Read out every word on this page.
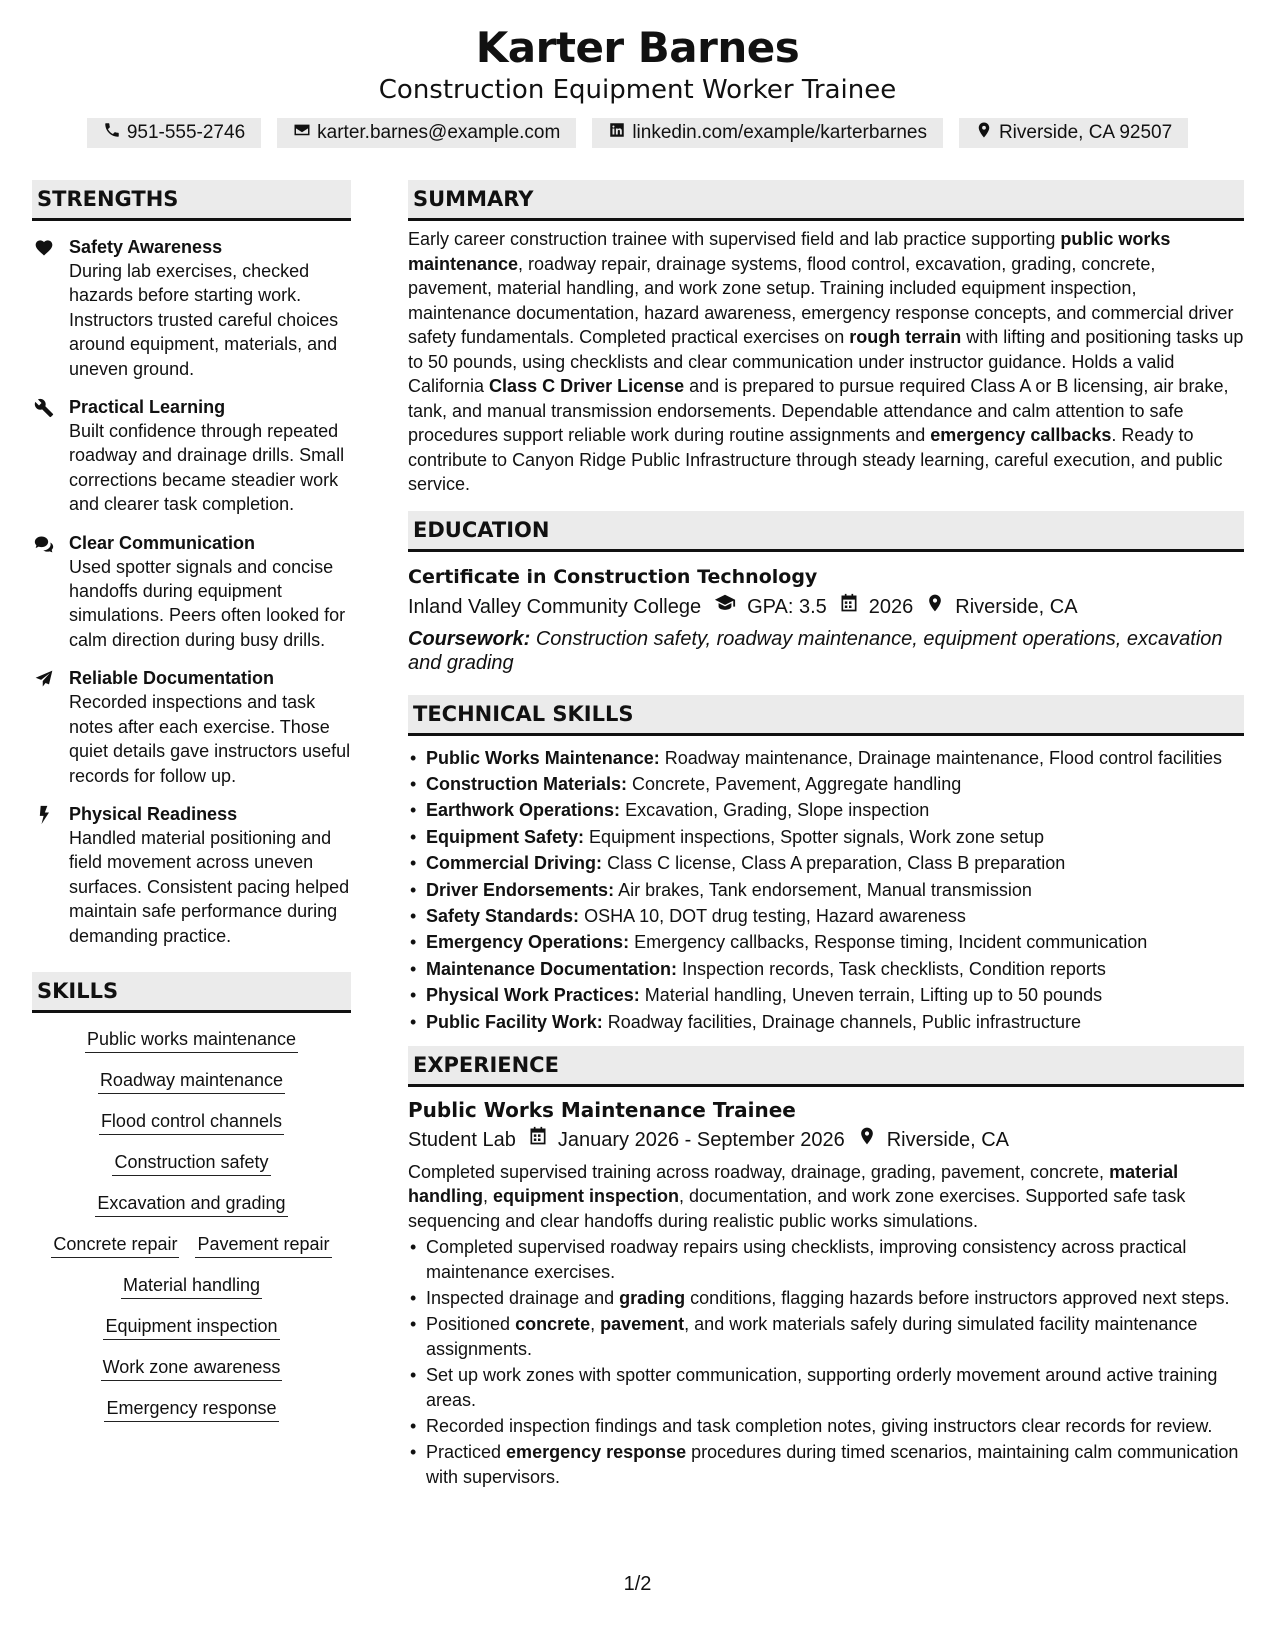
Karter Barnes
Construction Equipment Worker Trainee
951-555-2746	karter.barnes@example.com	linkedin.com/example/karterbarnes	Riverside, CA 92507
STRENGTHS
Safety Awareness
During lab exercises, checked hazards before starting work. Instructors trusted careful choices around equipment, materials, and uneven ground.
Practical Learning
Built confidence through repeated roadway and drainage drills. Small corrections became steadier work and clearer task completion.
Clear Communication
Used spotter signals and concise handoffs during equipment simulations. Peers often looked for calm direction during busy drills.
Reliable Documentation
Recorded inspections and task notes after each exercise. Those quiet details gave instructors useful records for follow up.
Physical Readiness
Handled material positioning and field movement across uneven surfaces. Consistent pacing helped maintain safe performance during demanding practice.
SKILLS
Public works maintenance
Roadway maintenance
Flood control channels
Construction safety
Excavation and grading
Concrete repair Pavement repair
Material handling
Equipment inspection
Work zone awareness
Emergency response
SUMMARY
Early career construction trainee with supervised field and lab practice supporting public works maintenance, roadway repair, drainage systems, flood control, excavation, grading, concrete, pavement, material handling, and work zone setup. Training included equipment inspection, maintenance documentation, hazard awareness, emergency response concepts, and commercial driver safety fundamentals. Completed practical exercises on rough terrain with lifting and positioning tasks up to 50 pounds, using checklists and clear communication under instructor guidance. Holds a valid California Class C Driver License and is prepared to pursue required Class A or B licensing, air brake, tank, and manual transmission endorsements. Dependable attendance and calm attention to safe procedures support reliable work during routine assignments and emergency callbacks. Ready to contribute to Canyon Ridge Public Infrastructure through steady learning, careful execution, and public service.
EDUCATION
Certificate in Construction Technology
Inland Valley Community College GPA: 3.5 2026 Riverside, CA
Coursework: Construction safety, roadway maintenance, equipment operations, excavation and grading
TECHNICAL SKILLS
• Public Works Maintenance: Roadway maintenance, Drainage maintenance, Flood control facilities
• Construction Materials: Concrete, Pavement, Aggregate handling
• Earthwork Operations: Excavation, Grading, Slope inspection
• Equipment Safety: Equipment inspections, Spotter signals, Work zone setup
• Commercial Driving: Class C license, Class A preparation, Class B preparation
• Driver Endorsements: Air brakes, Tank endorsement, Manual transmission
• Safety Standards: OSHA 10, DOT drug testing, Hazard awareness
• Emergency Operations: Emergency callbacks, Response timing, Incident communication
• Maintenance Documentation: Inspection records, Task checklists, Condition reports
• Physical Work Practices: Material handling, Uneven terrain, Lifting up to 50 pounds
• Public Facility Work: Roadway facilities, Drainage channels, Public infrastructure
EXPERIENCE
Public Works Maintenance Trainee
Student Lab January 2026 - September 2026 Riverside, CA
Completed supervised training across roadway, drainage, grading, pavement, concrete, material handling, equipment inspection, documentation, and work zone exercises. Supported safe task sequencing and clear handoffs during realistic public works simulations.
• Completed supervised roadway repairs using checklists, improving consistency across practical maintenance exercises.
• Inspected drainage and grading conditions, flagging hazards before instructors approved next steps.
• Positioned concrete, pavement, and work materials safely during simulated facility maintenance assignments.
• Set up work zones with spotter communication, supporting orderly movement around active training areas.
• Recorded inspection findings and task completion notes, giving instructors clear records for review.
• Practiced emergency response procedures during timed scenarios, maintaining calm communication with supervisors.
1/2
